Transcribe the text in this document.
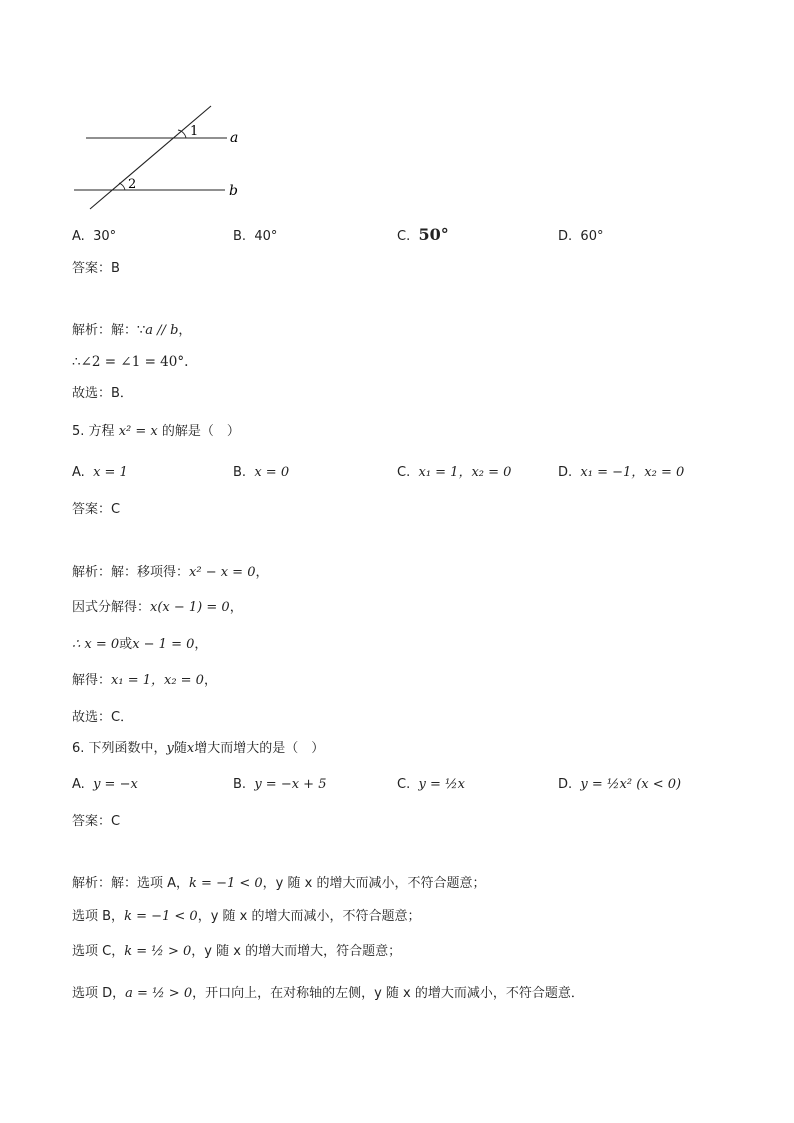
1
2
a
b
A. 30°	B. 40°	C. 50°	D. 60°
答案：B
解析：解：∵a // b，
∴∠2 = ∠1 = 40°.
故选：B．
5. 方程 x² = x 的解是（　）
A. x = 1	B. x = 0	C. x₁ = 1，x₂ = 0	D. x₁ = −1，x₂ = 0
答案：C
解析：解：移项得：x² − x = 0，
因式分解得：x(x − 1) = 0，
∴ x = 0或x − 1 = 0，
解得：x₁ = 1，x₂ = 0，
故选：C．
6. 下列函数中，y随x增大而增大的是（　）
A. y = −x	B. y = −x + 5	C. y = ½x	D. y = ½x² (x < 0)
答案：C
解析：解：选项 A，k = −1 < 0，y 随 x 的增大而减小，不符合题意；
选项 B，k = −1 < 0，y 随 x 的增大而减小，不符合题意；
选项 C，k = ½ > 0，y 随 x 的增大而增大，符合题意；
选项 D，a = ½ > 0，开口向上，在对称轴的左侧，y 随 x 的增大而减小，不符合题意．
